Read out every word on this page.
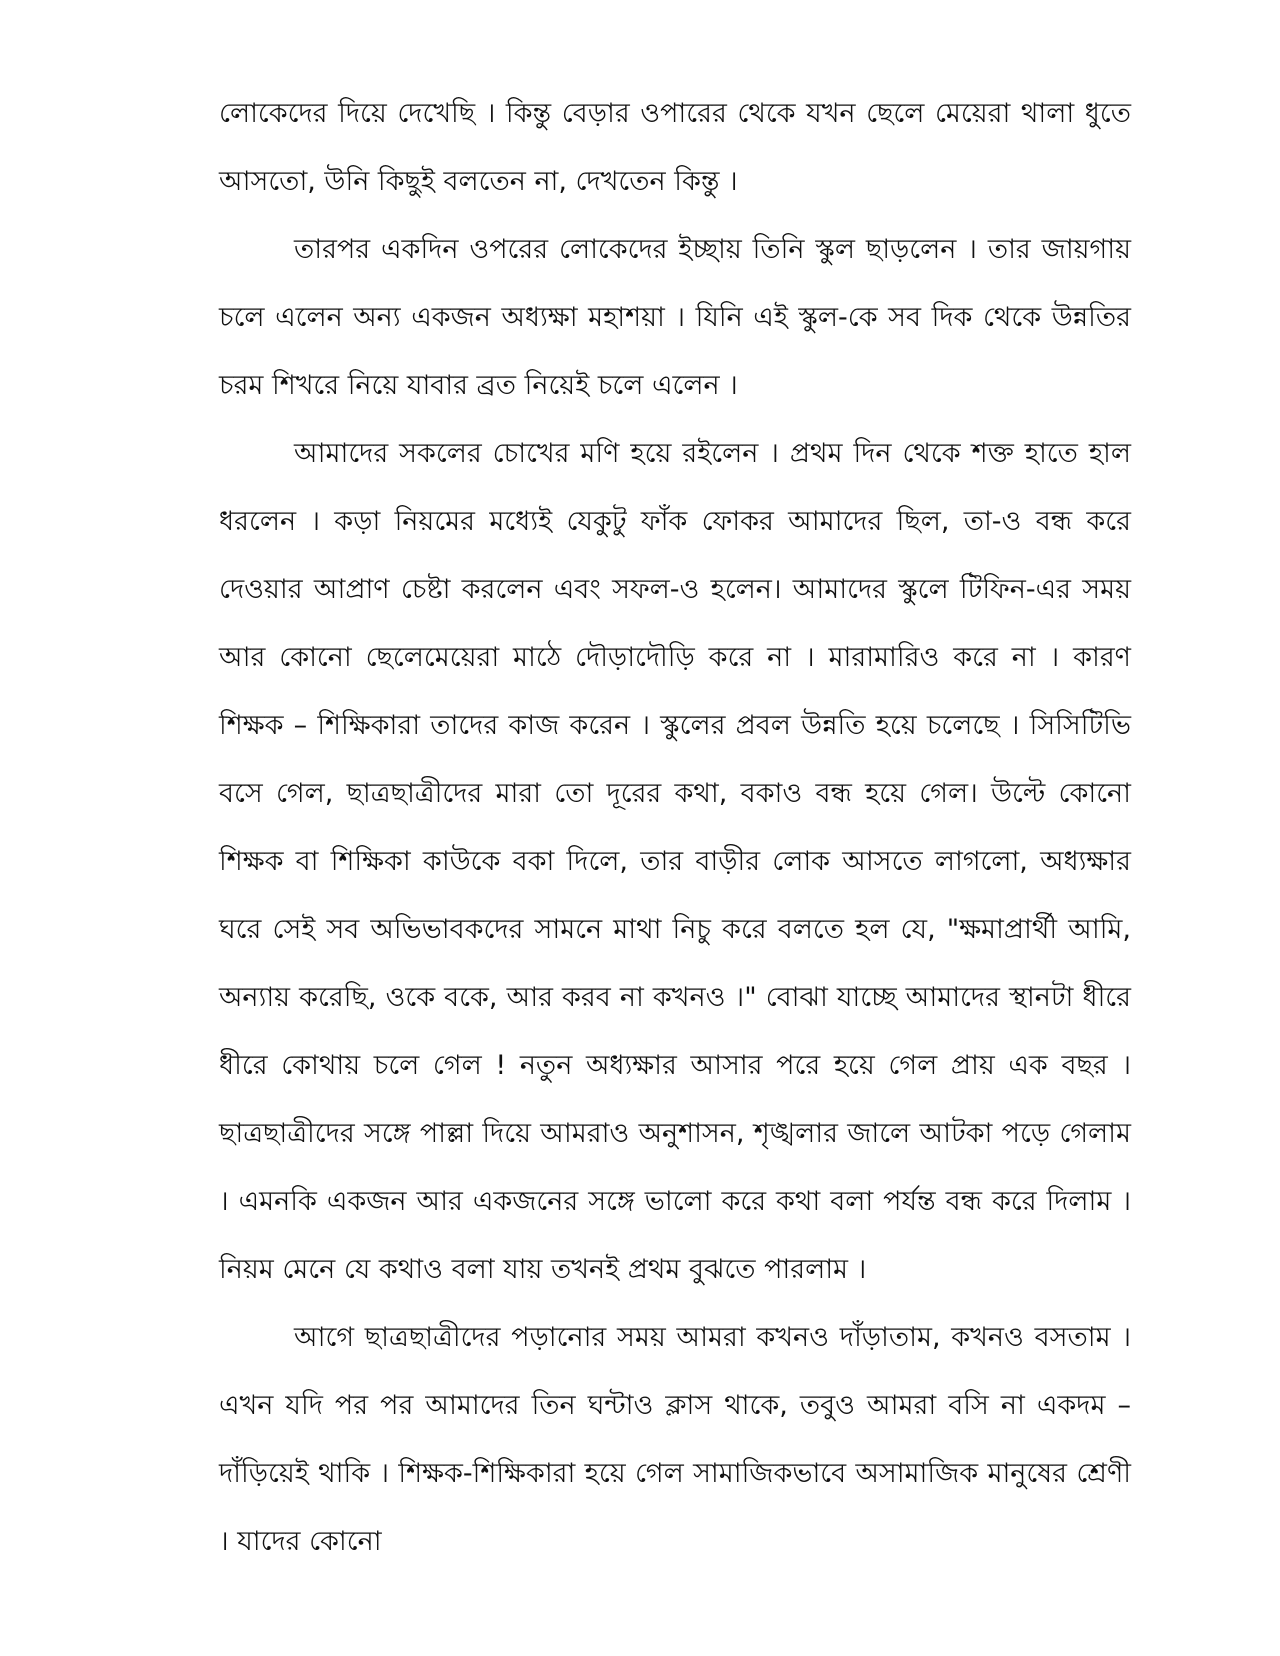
লোকেদের দিয়ে দেখেছি । কিন্তু বেড়ার ওপারের থেকে যখন ছেলে মেয়েরা থালা ধুতে আসতো, উনি কিছুই বলতেন না, দেখতেন কিন্তু ।

তারপর একদিন ওপরের লোকেদের ইচ্ছায় তিনি স্কুল ছাড়লেন । তার জায়গায় চলে এলেন অন্য একজন অধ্যক্ষা মহাশয়া । যিনি এই স্কুল-কে সব দিক থেকে উন্নতির চরম শিখরে নিয়ে যাবার ব্রত নিয়েই চলে এলেন ।

আমাদের সকলের চোখের মণি হয়ে রইলেন । প্রথম দিন থেকে শক্ত হাতে হাল ধরলেন । কড়া নিয়মের মধ্যেই যেকুটু ফাঁক ফোকর আমাদের ছিল, তা-ও বন্ধ করে দেওয়ার আপ্রাণ চেষ্টা করলেন এবং সফল-ও হলেন। আমাদের স্কুলে টিফিন-এর সময় আর কোনো ছেলেমেয়েরা মাঠে দৌড়াদৌড়ি করে না । মারামারিও করে না । কারণ শিক্ষক – শিক্ষিকারা তাদের কাজ করেন । স্কুলের প্রবল উন্নতি হয়ে চলেছে । সিসিটিভি বসে গেল, ছাত্রছাত্রীদের মারা তো দূরের কথা, বকাও বন্ধ হয়ে গেল। উল্টে কোনো শিক্ষক বা শিক্ষিকা কাউকে বকা দিলে, তার বাড়ীর লোক আসতে লাগলো, অধ্যক্ষার ঘরে সেই সব অভিভাবকদের সামনে মাথা নিচু করে বলতে হল যে, "ক্ষমাপ্রার্থী আমি, অন্যায় করেছি, ওকে বকে, আর করব না কখনও ।" বোঝা যাচ্ছে আমাদের স্থানটা ধীরে ধীরে কোথায় চলে গেল ! নতুন অধ্যক্ষার আসার পরে হয়ে গেল প্রায় এক বছর । ছাত্রছাত্রীদের সঙ্গে পাল্লা দিয়ে আমরাও অনুশাসন, শৃঙ্খলার জালে আটকা পড়ে গেলাম । এমনকি একজন আর একজনের সঙ্গে ভালো করে কথা বলা পর্যন্ত বন্ধ করে দিলাম । নিয়ম মেনে যে কথাও বলা যায় তখনই প্রথম বুঝতে পারলাম ।

আগে ছাত্রছাত্রীদের পড়ানোর সময় আমরা কখনও দাঁড়াতাম, কখনও বসতাম । এখন যদি পর পর আমাদের তিন ঘন্টাও ক্লাস থাকে, তবুও আমরা বসি না একদম – দাঁড়িয়েই থাকি । শিক্ষক-শিক্ষিকারা হয়ে গেল সামাজিকভাবে অসামাজিক মানুষের শ্রেণী । যাদের কোনো
